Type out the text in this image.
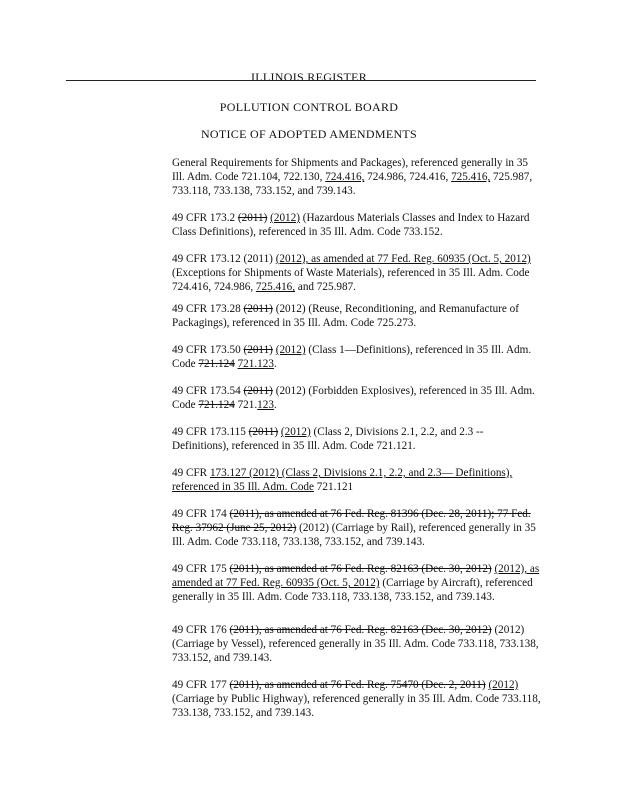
ILLINOIS REGISTER
POLLUTION CONTROL BOARD
NOTICE OF ADOPTED AMENDMENTS
General Requirements for Shipments and Packages), referenced generally in 35 Ill. Adm. Code 721.104, 722.130, 724.416, 724.986, 724.416, 725.416, 725.987, 733.118, 733.138, 733.152, and 739.143.
49 CFR 173.2 (2011) (2012) (Hazardous Materials Classes and Index to Hazard Class Definitions), referenced in 35 Ill. Adm. Code 733.152.
49 CFR 173.12 (2011) (2012), as amended at 77 Fed. Reg. 60935 (Oct. 5, 2012) (Exceptions for Shipments of Waste Materials), referenced in 35 Ill. Adm. Code 724.416, 724.986, 725.416, and 725.987.
49 CFR 173.28 (2011) (2012) (Reuse, Reconditioning, and Remanufacture of Packagings), referenced in 35 Ill. Adm. Code 725.273.
49 CFR 173.50 (2011) (2012) (Class 1—Definitions), referenced in 35 Ill. Adm. Code 721.124 721.123.
49 CFR 173.54 (2011) (2012) (Forbidden Explosives), referenced in 35 Ill. Adm. Code 721.124 721.123.
49 CFR 173.115 (2011) (2012) (Class 2, Divisions 2.1, 2.2, and 2.3 -- Definitions), referenced in 35 Ill. Adm. Code 721.121.
49 CFR 173.127 (2012) (Class 2, Divisions 2.1, 2.2, and 2.3— Definitions), referenced in 35 Ill. Adm. Code 721.121
49 CFR 174 (2011), as amended at 76 Fed. Reg. 81396 (Dec. 28, 2011); 77 Fed. Reg. 37962 (June 25, 2012) (2012) (Carriage by Rail), referenced generally in 35 Ill. Adm. Code 733.118, 733.138, 733.152, and 739.143.
49 CFR 175 (2011), as amended at 76 Fed. Reg. 82163 (Dec. 30, 2012) (2012), as amended at 77 Fed. Reg. 60935 (Oct. 5, 2012) (Carriage by Aircraft), referenced generally in 35 Ill. Adm. Code 733.118, 733.138, 733.152, and 739.143.
49 CFR 176 (2011), as amended at 76 Fed. Reg. 82163 (Dec. 30, 2012) (2012) (Carriage by Vessel), referenced generally in 35 Ill. Adm. Code 733.118, 733.138, 733.152, and 739.143.
49 CFR 177 (2011), as amended at 76 Fed. Reg. 75470 (Dec. 2, 2011) (2012) (Carriage by Public Highway), referenced generally in 35 Ill. Adm. Code 733.118, 733.138, 733.152, and 739.143.
